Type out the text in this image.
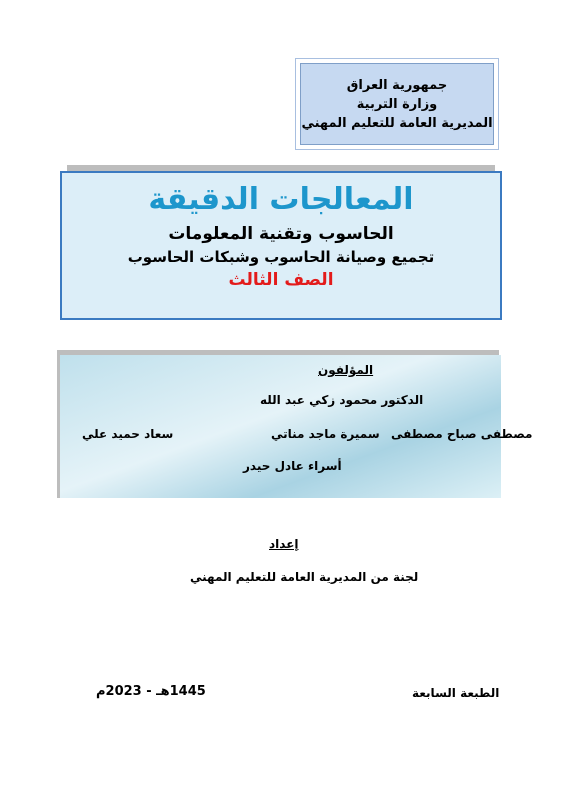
جمهورية العراق
وزارة التربية
المديرية العامة للتعليم المهني
المعالجات الدقيقة
الحاسوب وتقنية المعلومات
تجميع وصيانة الحاسوب وشبكات الحاسوب
الصف الثالث
المؤلفون
الدكتور محمود زكي عبد الله
مصطفى صباح مصطفى
سميرة ماجد مناتي
سعاد حميد علي
أسراء عادل حيدر
إعداد
لجنة من المديرية العامة للتعليم المهني
الطبعة السابعة
1445هـ - 2023م
